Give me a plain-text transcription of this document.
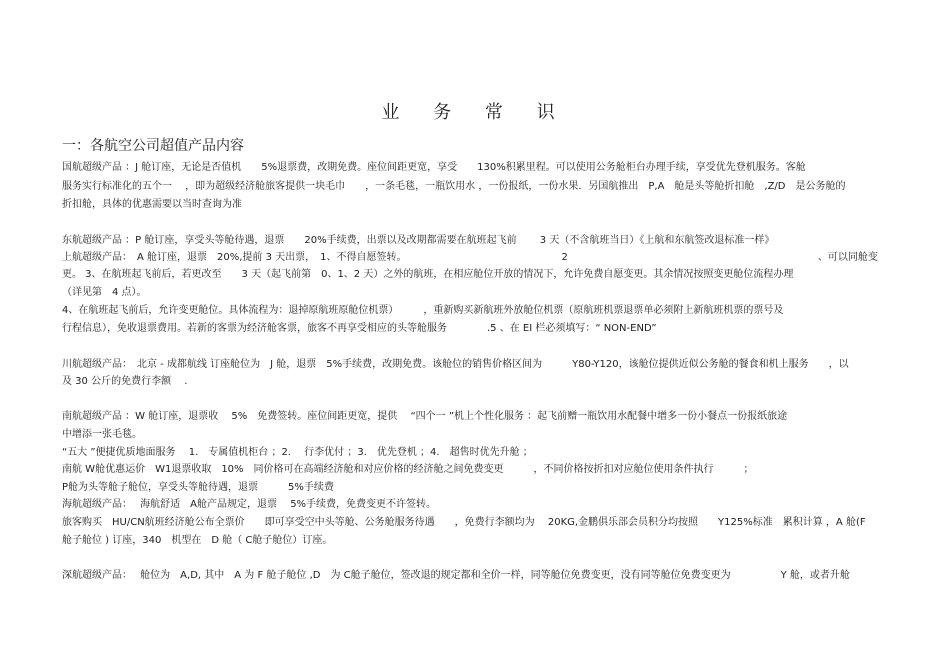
业 务 常 识
一：各航空公司超值产品内容
国航超级产品 ：J 舱订座，无论是否值机　　5%退票费，改期免费。座位间距更宽，享受　　130%积累里程。可以使用公务舱柜台办理手续，享受优先登机服务。客舱
服务实行标准化的五个一　 ，即为超级经济舱旅客提供一块毛巾　　，一条毛毯，一瓶饮用水 ，一份报纸，一份水果．另国航推出　P,A　舱是头等舱折扣舱　,Z/D　是公务舱的
折扣舱，具体的优惠需要以当时查询为准
东航超级产品 ：P 舱订座，享受头等舱待遇，退票　　20%手续费，出票以及改期都需要在航班起飞前　　 3 天（不含航班当日）《上航和东航签改退标准一样》
上航超级产品：　A 舱订座，退票　20%,提前 3 天出票，　1、不得自愿签转。　　　　　　　　　　　　　　　　2　　　　　　　　　　　　　　　　　　　　　　　　　、可以同舱变
更。 3、在航班起飞前后，若更改至　　3 天（起飞前第　0、1、2 天）之外的航班，在相应舱位开放的情况下，允许免费自愿变更。其余情况按照变更舱位流程办理
（详见第　4 点）。
4、在航班起飞前后，允许变更舱位。具体流程为：退掉原航班原舱位机票）　　　，重新购买新航班外放舱位机票（原航班机票退票单必须附上新航班机票的票号及
行程信息），免收退票费用。若新的客票为经济舱客票，旅客不再享受相应的头等舱服务　　　　.5 、在 EI 栏必须填写：“ NON-END”
川航超级产品：　北京 - 成都航线 订座舱位为　J 舱，退票　5%手续费，改期免费。该舱位的销售价格区间为　　　Y80-Y120，该舱位提供近似公务舱的餐食和机上服务　　，以
及 30 公斤的免费行李额　 .
南航超级产品 ：W 舱订座，退票收　 5%　免费签转。座位间距更宽，提供　 “四个一 ”机上个性化服务 ：起飞前赠一瓶饮用水配餐中增多一份小餐点一份报纸旅途
中增添一张毛毯。
“五大 ”便捷优质地面服务　 1.　专属值机柜台 ；2.　 行李优付 ；3.　优先登机 ；4.　超售时优先升舱 ；
南航 W舱优惠运价　W1退票收取　10%　同价格可在高端经济舱和对应价格的经济舱之间免费变更　　　，不同价格按折扣对应舱位使用条件执行　　　；
P舱为头等舱子舱位，享受头等舱待遇，退票　　　5%手续费
海航超级产品：　 海航舒适　A舱产品规定，退票　 5%手续费，免费变更不许签转。
旅客购买　HU/CN航班经济舱公布全票价　　即可享受空中头等舱、公务舱服务待遇　　，免费行李额均为　 20KG,金鹏俱乐部会员积分均按照　　Y125%标准　累积计算 ，A 舱(F
舱子舱位 ) 订座，340　机型在　D 舱（ C舱子舱位）订座。
深航超级产品：　 舱位为　A,D, 其中　A 为 F 舱子舱位 ,D　为 C舱子舱位，签改退的规定都和全价一样，同等舱位免费变更，没有同等舱位免费变更为　　　　　Y 舱，或者升舱
